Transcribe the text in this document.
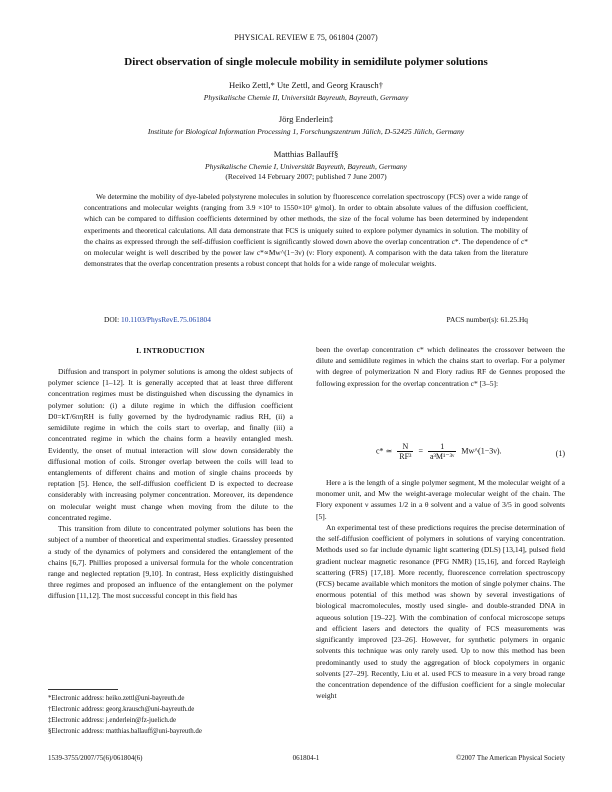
PHYSICAL REVIEW E 75, 061804 (2007)
Direct observation of single molecule mobility in semidilute polymer solutions
Heiko Zettl,* Ute Zettl, and Georg Krausch†
Physikalische Chemie II, Universität Bayreuth, Bayreuth, Germany
Jörg Enderlein‡
Institute for Biological Information Processing 1, Forschungszentrum Jülich, D-52425 Jülich, Germany
Matthias Ballauff§
Physikalische Chemie I, Universität Bayreuth, Bayreuth, Germany
(Received 14 February 2007; published 7 June 2007)
We determine the mobility of dye-labeled polystyrene molecules in solution by fluorescence correlation spectroscopy (FCS) over a wide range of concentrations and molecular weights (ranging from 3.9 ×10³ to 1550×10³ g/mol). In order to obtain absolute values of the diffusion coefficient, which can be compared to diffusion coefficients determined by other methods, the size of the focal volume has been determined by independent experiments and theoretical calculations. All data demonstrate that FCS is uniquely suited to explore polymer dynamics in solution. The mobility of the chains as expressed through the self-diffusion coefficient is significantly slowed down above the overlap concentration c*. The dependence of c* on molecular weight is well described by the power law c*∝Mw^(1−3ν) (ν: Flory exponent). A comparison with the data taken from the literature demonstrates that the overlap concentration presents a robust concept that holds for a wide range of molecular weights.
DOI: 10.1103/PhysRevE.75.061804	PACS number(s): 61.25.Hq
I. INTRODUCTION

Diffusion and transport in polymer solutions is among the oldest subjects of polymer science [1–12]. It is generally accepted that at least three different concentration regimes must be distinguished when discussing the dynamics in polymer solution: (i) a dilute regime in which the diffusion coefficient D0=kT/6πηRH is fully governed by the hydrodynamic radius RH, (ii) a semidilute regime in which the coils start to overlap, and finally (iii) a concentrated regime in which the chains form a heavily entangled mesh. Evidently, the onset of mutual interaction will slow down considerably the diffusional motion of coils. Stronger overlap between the coils will lead to entanglements of different chains and motion of single chains proceeds by reptation [5]. Hence, the self-diffusion coefficient D is expected to decrease considerably with increasing polymer concentration. Moreover, its dependence on molecular weight must change when moving from the dilute to the concentrated regime.

This transition from dilute to concentrated polymer solutions has been the subject of a number of theoretical and experimental studies. Graessley presented a study of the dynamics of polymers and considered the entanglement of the chains [6,7]. Phillies proposed a universal formula for the whole concentration range and neglected reptation [9,10]. In contrast, Hess explicitly distinguished three regimes and proposed an influence of the entanglement on the polymer diffusion [11,12]. The most successful concept in this field has

*Electronic address: heiko.zettl@uni-bayreuth.de
†Electronic address: georg.krausch@uni-bayreuth.de
‡Electronic address: j.enderlein@fz-juelich.de
§Electronic address: matthias.ballauff@uni-bayreuth.de

been the overlap concentration c* which delineates the crossover between the dilute and semidilute regimes in which the chains start to overlap. For a polymer with degree of polymerization N and Flory radius RF de Gennes proposed the following expression for the overlap concentration c* [3–5]:

c* ≃ $\frac{N}{\text{RF³}} = \frac{1}{\text{a³M¹⁻³ᵛ}}$ Mw^(1−3ν).	(1)

Here a is the length of a single polymer segment, M the molecular weight of a monomer unit, and Mw the weight-average molecular weight of the chain. The Flory exponent ν assumes 1/2 in a θ solvent and a value of 3/5 in good solvents [5].

An experimental test of these predictions requires the precise determination of the self-diffusion coefficient of polymers in solutions of varying concentration. Methods used so far include dynamic light scattering (DLS) [13,14], pulsed field gradient nuclear magnetic resonance (PFG NMR) [15,16], and forced Rayleigh scattering (FRS) [17,18]. More recently, fluorescence correlation spectroscopy (FCS) became available which monitors the motion of single polymer chains. The enormous potential of this method was shown by several investigations of biological macromolecules, mostly used single- and double-stranded DNA in aqueous solution [19–22]. With the combination of confocal microscope setups and efficient lasers and detectors the quality of FCS measurements was significantly improved [23–26]. However, for synthetic polymers in organic solvents this technique was only rarely used. Up to now this method has been predominantly used to study the aggregation of block copolymers in organic solvents [27–29]. Recently, Liu et al. used FCS to measure in a very broad range the concentration dependence of the diffusion coefficient for a single molecular weight

1539-3755/2007/75(6)/061804(6)	061804-1	©2007 The American Physical Society
